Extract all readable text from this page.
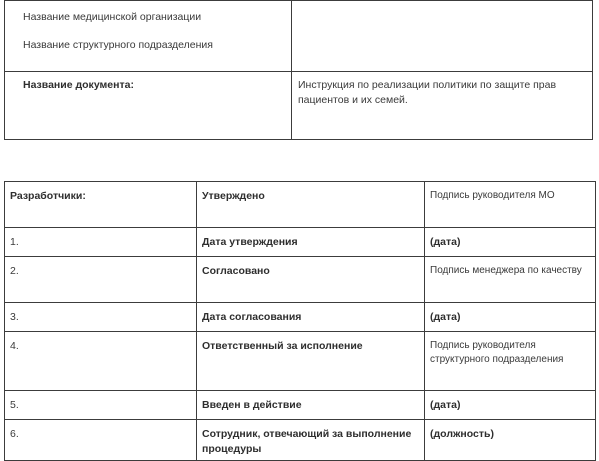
Название медицинской организации
Название структурного подразделения	

Название документа:	Инструкция по реализации политики по защите прав пациентов и их семей.
Разработчики:	Утверждено	Подпись руководителя МО
1.	Дата утверждения	(дата)
2.	Согласовано	Подпись менеджера по качеству
3.	Дата согласования	(дата)
4.	Ответственный за исполнение	Подпись руководителя структурного подразделения
5.	Введен в действие	(дата)
6.	Сотрудник, отвечающий за выполнение процедуры	(должность)
